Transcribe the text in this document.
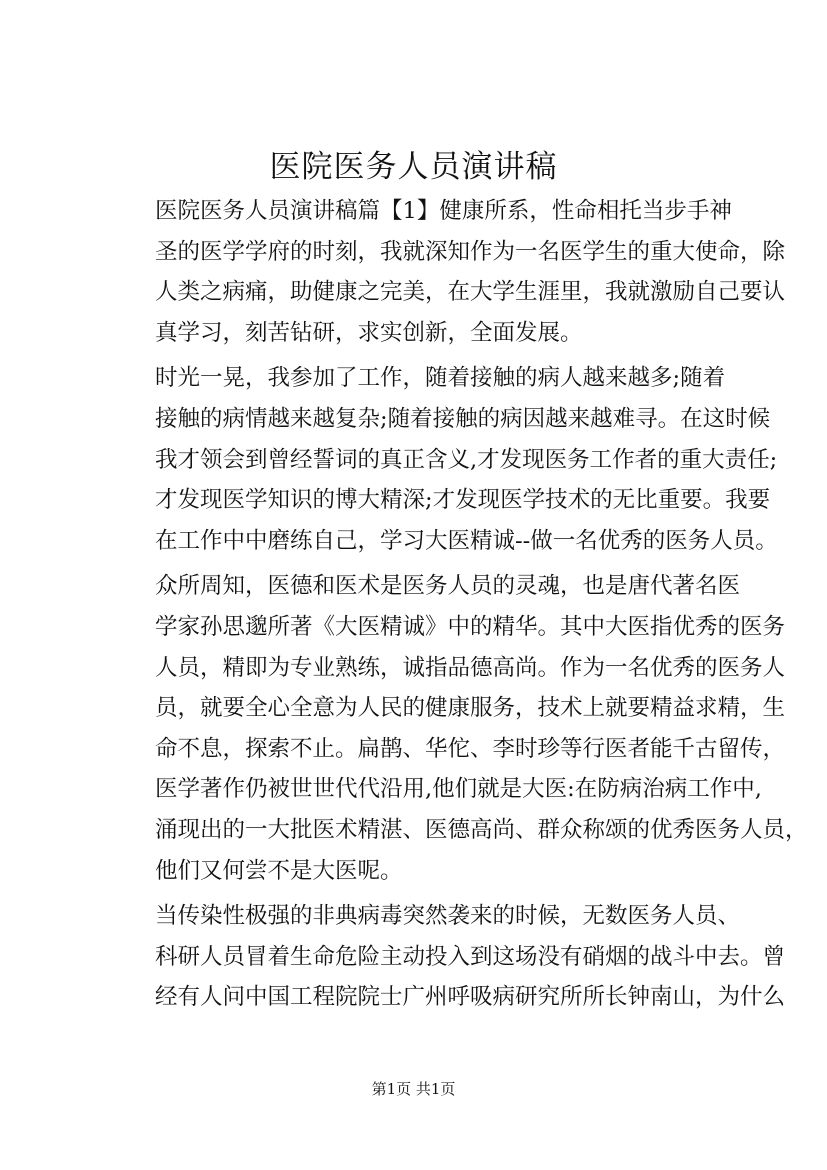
医院医务人员演讲稿

医院医务人员演讲稿篇【1】健康所系，性命相托当步手神
圣的医学学府的时刻，我就深知作为一名医学生的重大使命，除
人类之病痛，助健康之完美，在大学生涯里，我就激励自己要认
真学习，刻苦钻研，求实创新，全面发展。

时光一晃，我参加了工作，随着接触的病人越来越多;随着
接触的病情越来越复杂;随着接触的病因越来越难寻。在这时候
我才领会到曾经誓词的真正含义,才发现医务工作者的重大责任;
才发现医学知识的博大精深;才发现医学技术的无比重要。我要
在工作中中磨练自己，学习大医精诚--做一名优秀的医务人员。

众所周知，医德和医术是医务人员的灵魂，也是唐代著名医
学家孙思邈所著《大医精诚》中的精华。其中大医指优秀的医务
人员，精即为专业熟练，诚指品德高尚。作为一名优秀的医务人
员，就要全心全意为人民的健康服务，技术上就要精益求精，生
命不息，探索不止。扁鹊、华佗、李时珍等行医者能千古留传，
医学著作仍被世世代代沿用,他们就是大医:在防病治病工作中,
涌现出的一大批医术精湛、医德高尚、群众称颂的优秀医务人员，
他们又何尝不是大医呢。

当传染性极强的非典病毒突然袭来的时候，无数医务人员、
科研人员冒着生命危险主动投入到这场没有硝烟的战斗中去。曾
经有人问中国工程院院士广州呼吸病研究所所长钟南山，为什么

第1页 共1页
